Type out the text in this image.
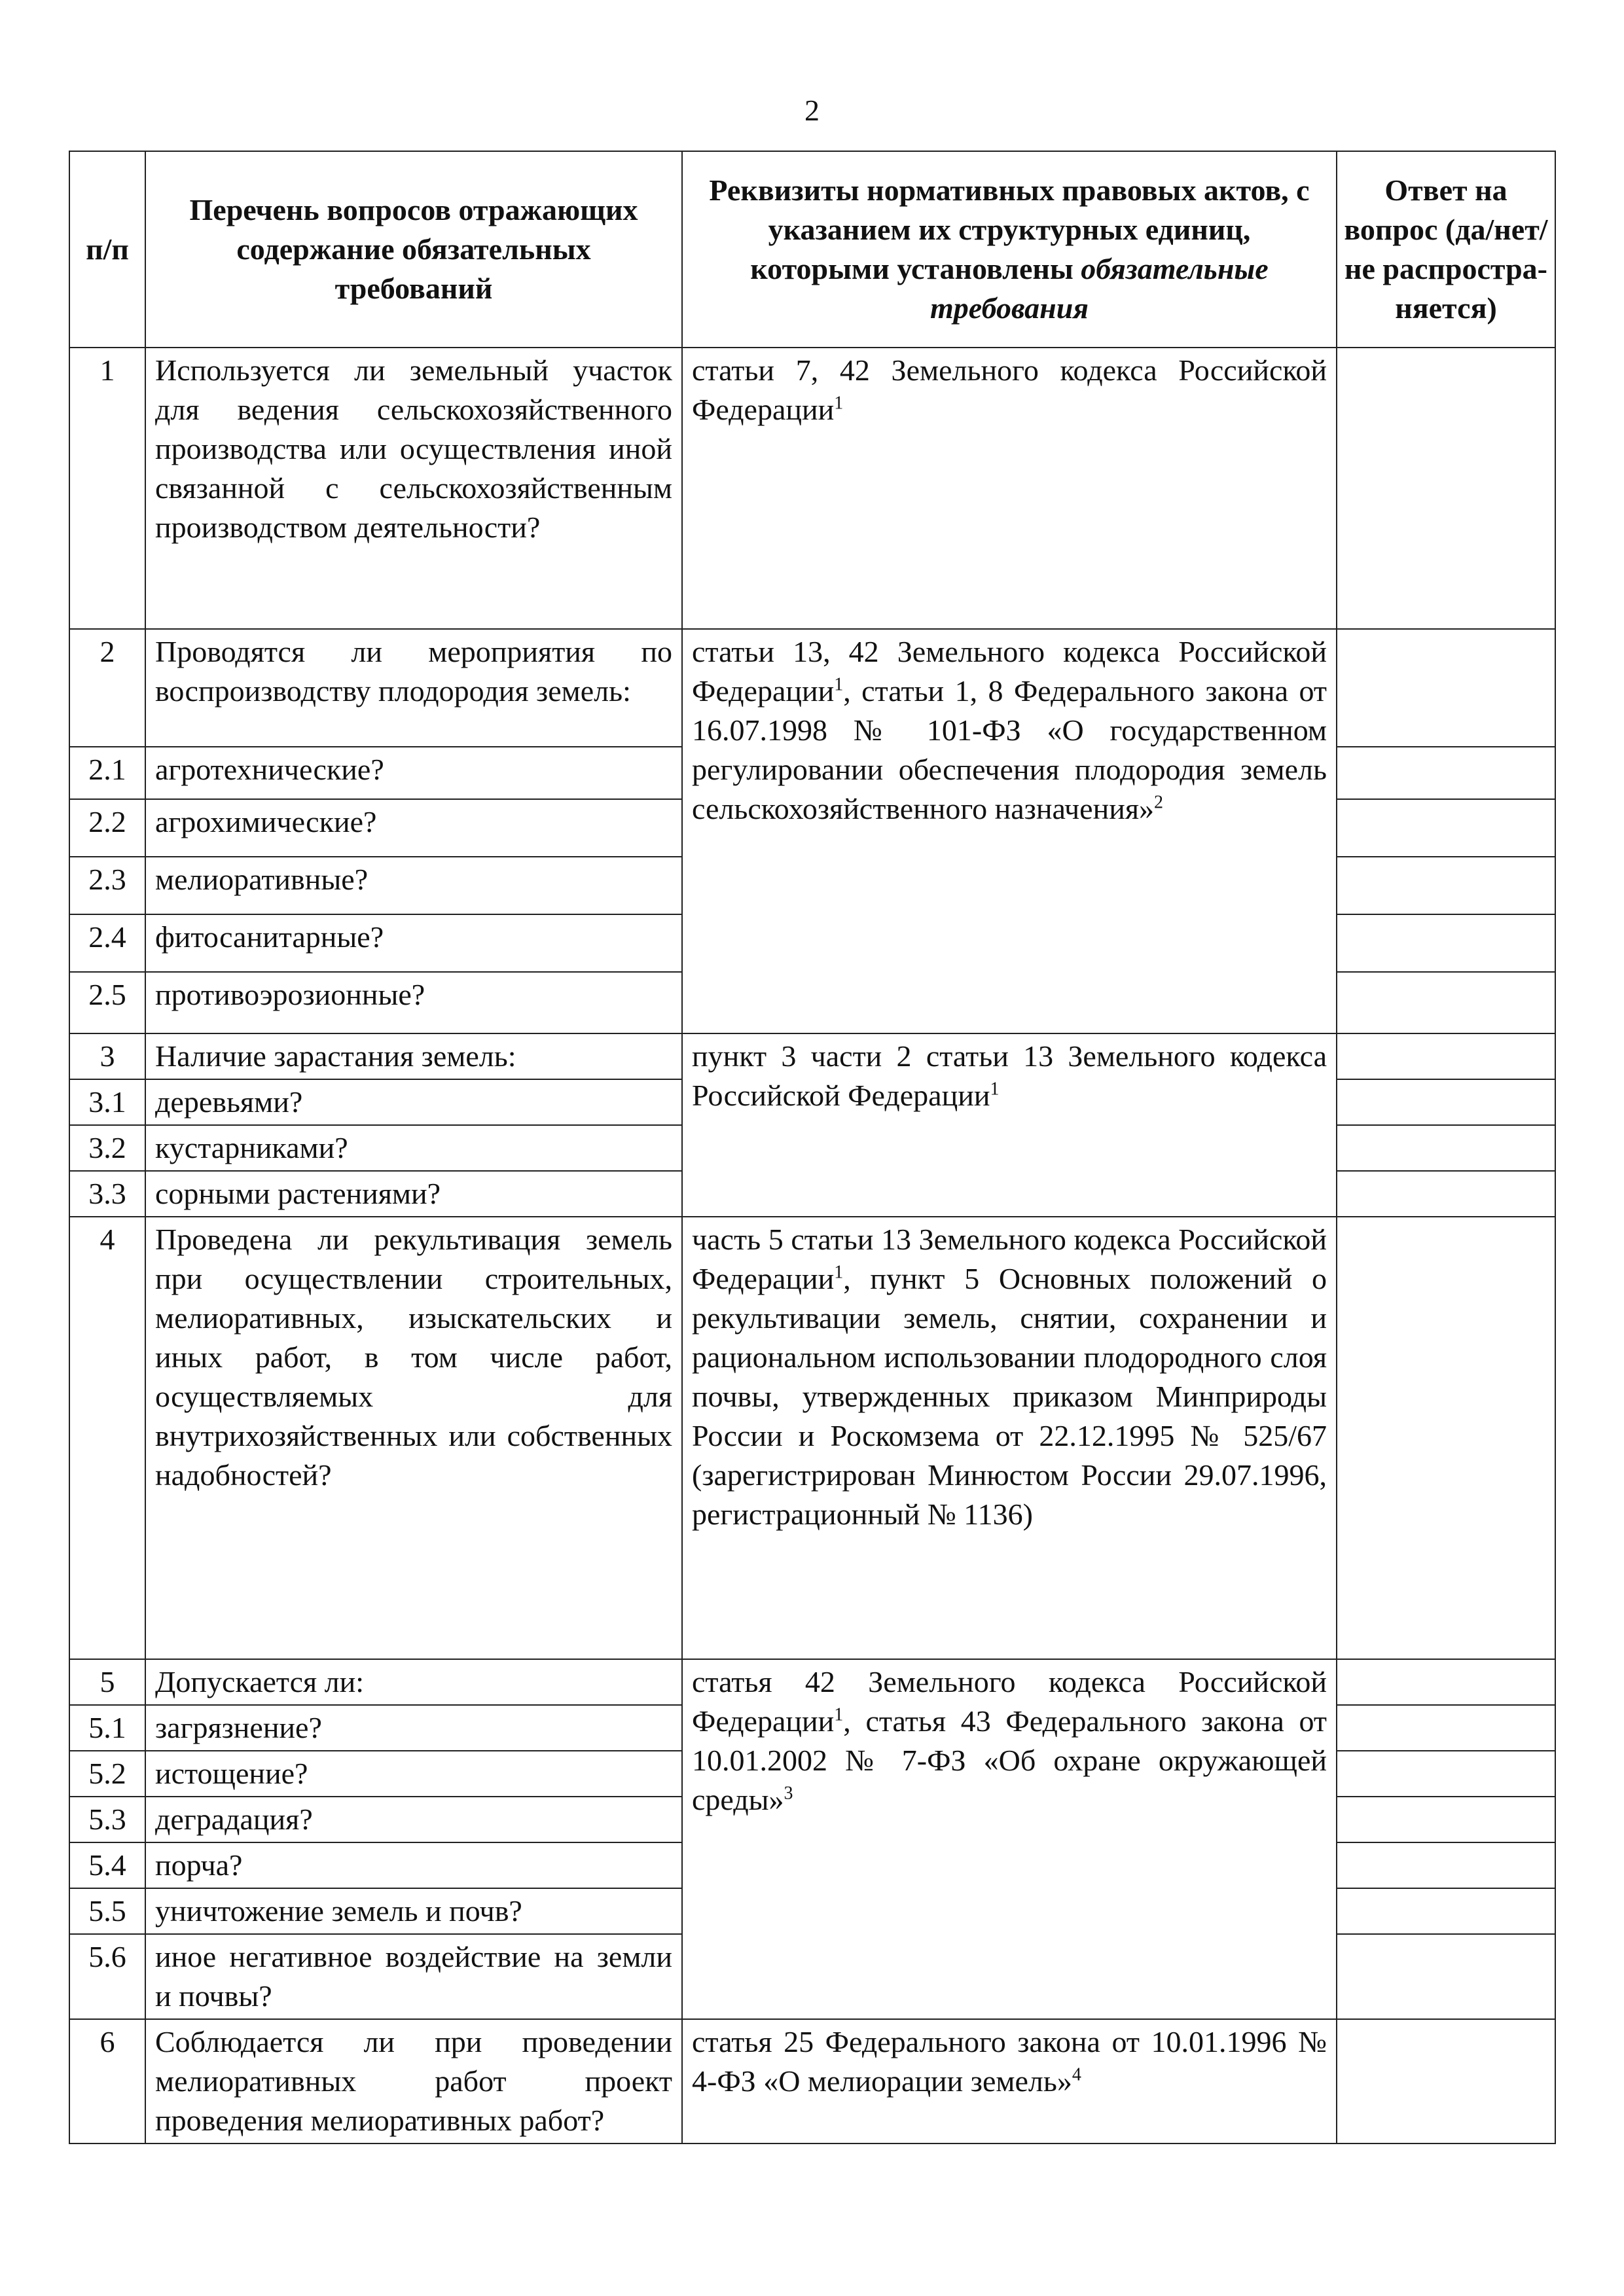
2
п/п	Перечень вопросов отражающих содержание обязательных требований	Реквизиты нормативных правовых актов, с указанием их структурных единиц, которыми установлены обязательные требования	Ответ на вопрос (да/нет/не распростра-няется)
1	Используется ли земельный участок для ведения сельскохозяйственного производства или осуществления иной связанной с сельскохозяйственным производством деятельности?	статьи 7, 42 Земельного кодекса Российской Федерации$^1$	
2	Проводятся ли мероприятия по воспроизводству плодородия земель:	статьи 13, 42 Земельного кодекса Российской Федерации$^1$, статьи 1, 8 Федерального закона от 16.07.1998 № 101-ФЗ «О государственном регулировании обеспечения плодородия земель сельскохозяйственного назначения»$^2$	
2.1	агротехнические?		
2.2	агрохимические?		
2.3	мелиоративные?		
2.4	фитосанитарные?		
2.5	противоэрозионные?		
3	Наличие зарастания земель:	пункт 3 части 2 статьи 13 Земельного кодекса Российской Федерации$^1$	
3.1	деревьями?		
3.2	кустарниками?		
3.3	сорными растениями?		
4	Проведена ли рекультивация земель при осуществлении строительных, мелиоративных, изыскательских и иных работ, в том числе работ, осуществляемых для внутрихозяйственных или собственных надобностей?	часть 5 статьи 13 Земельного кодекса Российской Федерации$^1$, пункт 5 Основных положений о рекультивации земель, снятии, сохранении и рациональном использовании плодородного слоя почвы, утвержденных приказом Минприроды России и Роскомзема от 22.12.1995 № 525/67 (зарегистрирован Минюстом России 29.07.1996, регистрационный № 1136)	
5	Допускается ли:	статья 42 Земельного кодекса Российской Федерации$^1$, статья 43 Федерального закона от 10.01.2002 № 7-ФЗ «Об охране окружающей среды»$^3$	
5.1	загрязнение?		
5.2	истощение?		
5.3	деградация?		
5.4	порча?		
5.5	уничтожение земель и почв?		
5.6	иное негативное воздействие на земли и почвы?		
6	Соблюдается ли при проведении мелиоративных работ проект проведения мелиоративных работ?	статья 25 Федерального закона от 10.01.1996 № 4-ФЗ «О мелиорации земель»$^4$	
